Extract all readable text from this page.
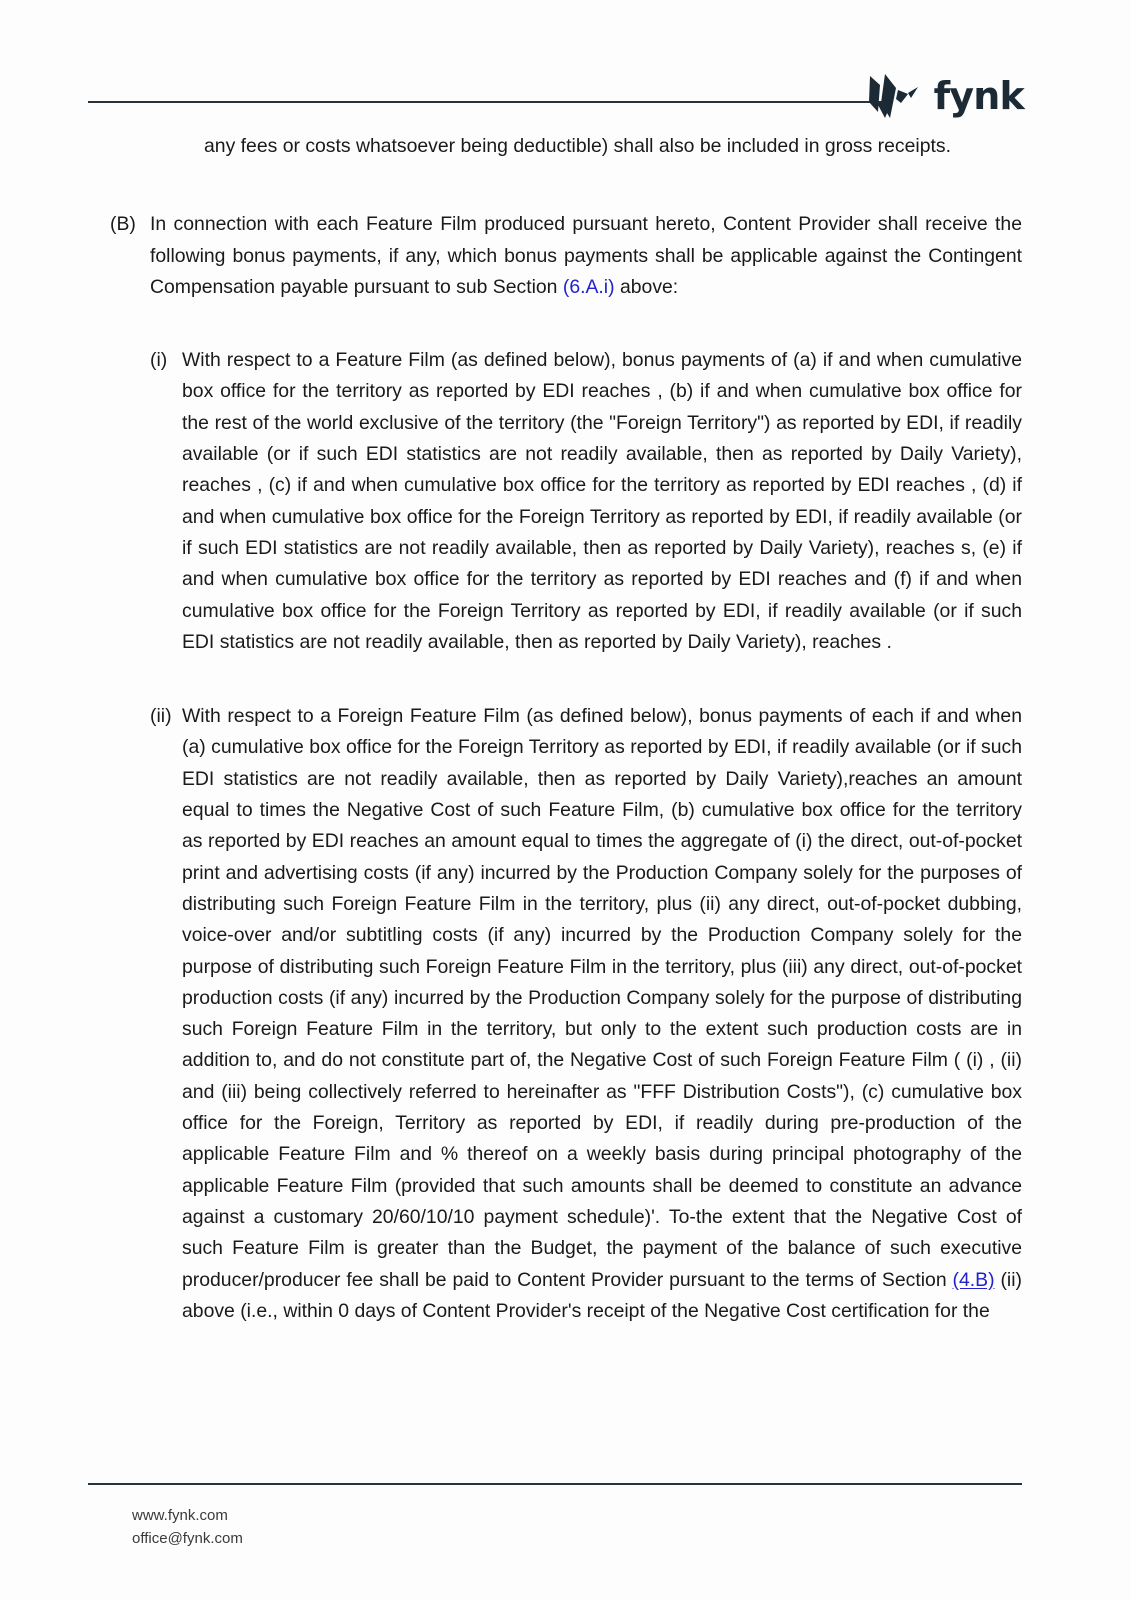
fynk

any fees or costs whatsoever being deductible) shall also be included in gross receipts.

(B) In connection with each Feature Film produced pursuant hereto, Content Provider shall receive the following bonus payments, if any, which bonus payments shall be applicable against the Contingent Compensation payable pursuant to sub Section (6.A.i) above:
(i) With respect to a Feature Film (as defined below), bonus payments of (a) if and when cumulative box office for the territory as reported by EDI reaches , (b) if and when cumulative box office for the rest of the world exclusive of the territory (the "Foreign Territory") as reported by EDI, if readily available (or if such EDI statistics are not readily available, then as reported by Daily Variety), reaches , (c) if and when cumulative box office for the territory as reported by EDI reaches , (d) if and when cumulative box office for the Foreign Territory as reported by EDI, if readily available (or if such EDI statistics are not readily available, then as reported by Daily Variety), reaches s, (e) if and when cumulative box office for the territory as reported by EDI reaches and (f) if and when cumulative box office for the Foreign Territory as reported by EDI, if readily available (or if such EDI statistics are not readily available, then as reported by Daily Variety), reaches .
(ii) With respect to a Foreign Feature Film (as defined below), bonus payments of each if and when (a) cumulative box office for the Foreign Territory as reported by EDI, if readily available (or if such EDI statistics are not readily available, then as reported by Daily Variety),reaches an amount equal to times the Negative Cost of such Feature Film, (b) cumulative box office for the territory as reported by EDI reaches an amount equal to times the aggregate of (i) the direct, out-of-pocket print and advertising costs (if any) incurred by the Production Company solely for the purposes of distributing such Foreign Feature Film in the territory, plus (ii) any direct, out-of-pocket dubbing, voice-over and/or subtitling costs (if any) incurred by the Production Company solely for the purpose of distributing such Foreign Feature Film in the territory, plus (iii) any direct, out-of-pocket production costs (if any) incurred by the Production Company solely for the purpose of distributing such Foreign Feature Film in the territory, but only to the extent such production costs are in addition to, and do not constitute part of, the Negative Cost of such Foreign Feature Film ( (i) , (ii) and (iii) being collectively referred to hereinafter as "FFF Distribution Costs"), (c) cumulative box office for the Foreign, Territory as reported by EDI, if readily during pre-production of the applicable Feature Film and % thereof on a weekly basis during principal photography of the applicable Feature Film (provided that such amounts shall be deemed to constitute an advance against a customary 20/60/10/10 payment schedule)'. To-the extent that the Negative Cost of such Feature Film is greater than the Budget, the payment of the balance of such executive producer/producer fee shall be paid to Content Provider pursuant to the terms of Section (4.B) (ii) above (i.e., within 0 days of Content Provider's receipt of the Negative Cost certification for the
www.fynk.com
office@fynk.com
